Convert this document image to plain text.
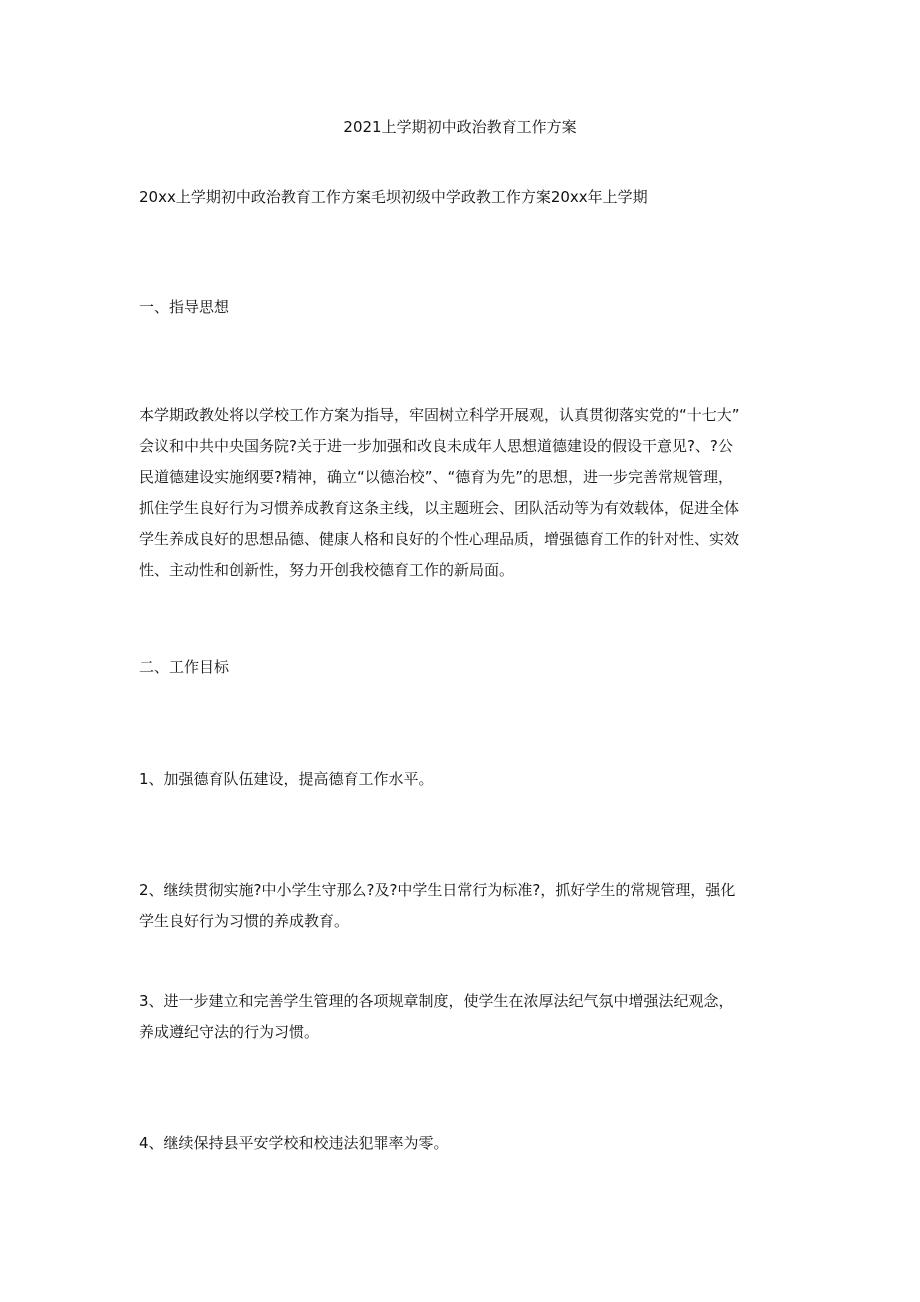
2021上学期初中政治教育工作方案
20xx上学期初中政治教育工作方案毛坝初级中学政教工作方案20xx年上学期
一、指导思想
本学期政教处将以学校工作方案为指导，牢固树立科学开展观，认真贯彻落实党的“十七大”
会议和中共中央国务院?关于进一步加强和改良未成年人思想道德建设的假设干意见?、?公
民道德建设实施纲要?精神，确立“以德治校”、“德育为先”的思想，进一步完善常规管理，
抓住学生良好行为习惯养成教育这条主线，以主题班会、团队活动等为有效载体，促进全体
学生养成良好的思想品德、健康人格和良好的个性心理品质，增强德育工作的针对性、实效
性、主动性和创新性，努力开创我校德育工作的新局面。
二、工作目标
1、加强德育队伍建设，提高德育工作水平。
2、继续贯彻实施?中小学生守那么?及?中学生日常行为标准?，抓好学生的常规管理，强化
学生良好行为习惯的养成教育。
3、进一步建立和完善学生管理的各项规章制度，使学生在浓厚法纪气氛中增强法纪观念，
养成遵纪守法的行为习惯。
4、继续保持县平安学校和校违法犯罪率为零。
